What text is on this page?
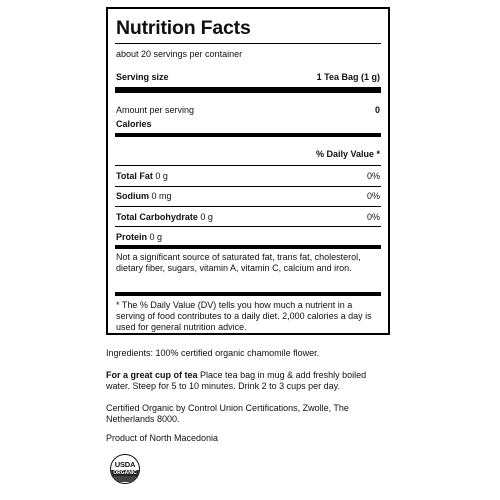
Nutrition Facts
about 20 servings per container
Serving size	1 Tea Bag (1 g)
Amount per serving	0
Calories
% Daily Value *
Total Fat 0 g	0%
Sodium 0 mg	0%
Total Carbohydrate 0 g	0%
Protein 0 g
Not a significant source of saturated fat, trans fat, cholesterol, dietary fiber, sugars, vitamin A, vitamin C, calcium and iron.
* The % Daily Value (DV) tells you how much a nutrient in a serving of food contributes to a daily diet. 2,000 calories a day is used for general nutrition advice.
Ingredients: 100% certified organic chamomile flower.
For a great cup of tea Place tea bag in mug & add freshly boiled water. Steep for 5 to 10 minutes. Drink 2 to 3 cups per day.
Certified Organic by Control Union Certifications, Zwolle, The Netherlands 8000.
Product of North Macedonia
USDA
ORGANIC
